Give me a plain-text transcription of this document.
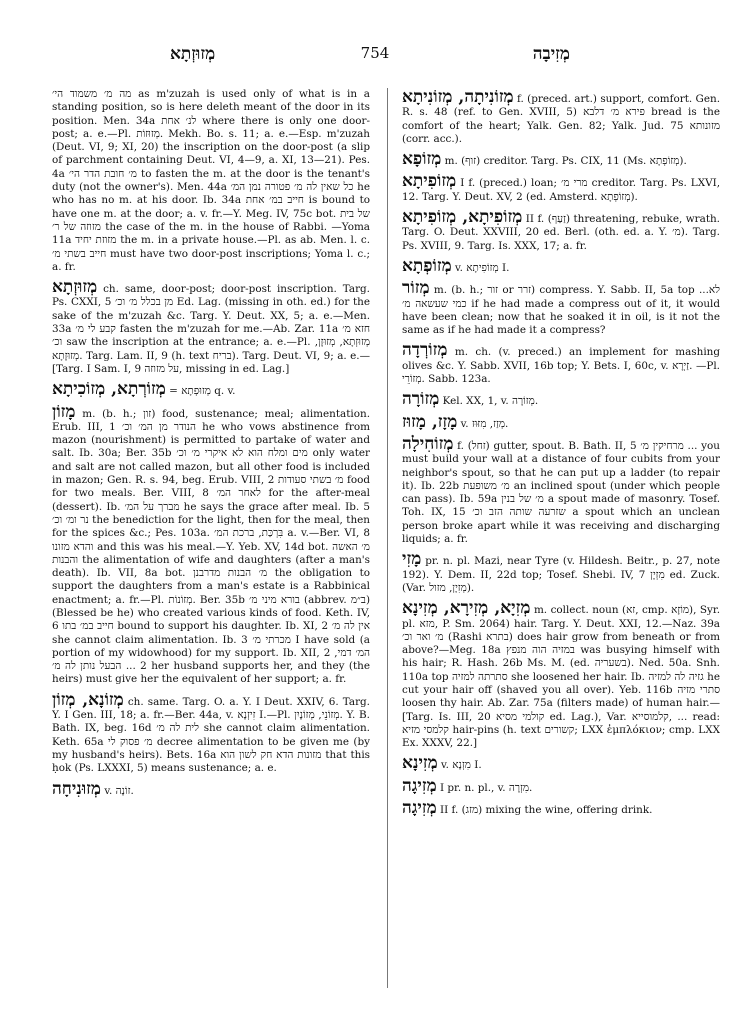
מְזוּזְתָא	754	מְזִיבָה

מה מ׳ משמוד הי׳ as m'zuzah is used only of what is in a standing position, so is here deleth meant of the door in its position. Men. 34a לנ׳ אחת where there is only one door-post; a. e.—Pl. מְזוּזוֹת. Mekh. Bo. s. 11; a. e.—Esp. m'zuzah (Deut. VI, 9; XI, 20) the inscription on the door-post (a slip of parchment containing Deut. VI, 4—9, a. XI, 13—21). Pes. 4a מ׳ חובת הדר הי׳ to fasten the m. at the door is the tenant's duty (not the owner's). Men. 44a כל שאין לה מ׳ פטורה נמן המ׳ he who has no m. at his door. Ib. 34a חייב במ׳ אחת is bound to have one m. at the door; a. v. fr.—Y. Meg. IV, 75c bot. של בית מזוזה של ר׳ the case of the m. in the house of Rabbi. —Yoma 11a מזוזת יחיד the m. in a private house.—Pl. as ab. Men. l. c. חייב בשתי מ׳ must have two door-post inscriptions; Yoma l. c.; a. fr.

מְזוּזְתָא ch. same, door-post; door-post inscription. Targ. Ps. CXXI, 5 מן בכלל מ׳ וכ׳ Ed. Lag. (missing in oth. ed.) for the sake of the m'zuzah &c. Targ. Y. Deut. XX, 5; a. e.—Men. 33a קבע לי מ׳ fasten the m'zuzah for me.—Ab. Zar. 11a חזא מ׳ וכ׳ saw the inscription at the entrance; a. e.—Pl. מְזוּזְתָא, מְזוּזָן, מְזוּזָתָא. Targ. Lam. II, 9 (h. text בריח). Targ. Deut. VI, 9; a. e.—[Targ. I Sam. I, 9 על מזוזה, missing in ed. Lag.]

מְזוֹרְתָא, מְזוֹכִיתָא = מְזוּפְתָא q. v.

מָזוֹן m. (b. h.; זון) food, sustenance; meal; alimentation. Erub. III, 1 הנודר מן המ׳ וכ׳ he who vows abstinence from mazon (nourishment) is permitted to partake of water and salt. Ib. 30a; Ber. 35b מים ומלח הוא לא איקרי מ׳ וכ׳ only water and salt are not called mazon, but all other food is included in mazon; Gen. R. s. 94, beg. Erub. VIII, 2 מ׳ בשתי סעודות food for two meals. Ber. VIII, 8 לאחר המ׳ for the after-meal (dessert). Ib. מברך על המ׳ he says the grace after meal. Ib. 5 נר ומ׳ וכ׳ the benediction for the light, then for the meal, then for the spices &c.; Pes. 103a. בִּרְכַּת, ברכת המ׳ a. v.—Ber. VI, 8 והדא מזונו and this was his meal.—Y. Yeb. XV, 14d bot. מ׳ האשה והבנות the alimentation of wife and daughters (after a man's death). Ib. VII, 8a bot. מ׳ הבנות מדרבנן the obligation to support the daughters from a man's estate is a Rabbinical enactment; a. fr.—Pl. מְזוֹנוֹת. Ber. 35b בורא מיני מ׳ (abbrev. ב״מ) (Blessed be he) who created various kinds of food. Keth. IV, 6 חייב במ׳ בתו bound to support his daughter. Ib. XI, 2 אין לה מ׳ she cannot claim alimentation. Ib. 3 מכרתי מ׳ I have sold (a portion of my widowhood) for my support. Ib. XII, 2 המ׳ דמי, 2 ... הבעל נותן לה מ׳ her husband supports her, and they (the heirs) must give her the equivalent of her support; a. fr.

מְזוֹנָא, מְזוֹן ch. same. Targ. O. a. Y. I Deut. XXIV, 6. Targ. Y. I Gen. III, 18; a. fr.—Ber. 44a, v. זִיזְנָא I.—Pl. מְזוֹנֵי, מְזוֹנָיִן. Y. B. Bath. IX, beg. 16d לית לה מ׳ she cannot claim alimentation. Keth. 65a מ׳ פסוק לי decree alimentation to be given me (by my husband's heirs). Bets. 16a מזונות הדא חק לשון הוא that this ḥok (Ps. LXXXI, 5) means sustenance; a. e.

מְזוּנִיחָה v. זוֹנָה.

מְזוֹנִיתָה, מְזוֹנִיתָא f. (preced. art.) support, comfort. Gen. R. s. 48 (ref. to Gen. XVIII, 5) פירא מ׳ דלבא bread is the comfort of the heart; Yalk. Gen. 82; Yalk. Jud. 75 מזונותא (corr. acc.).

מְזוֹפָא m. (זוף) creditor. Targ. Ps. CIX, 11 (Ms. מְזוֹפְתָא).

מְזוֹפִיתָא I f. (preced.) loan; מרי מ׳ creditor. Targ. Ps. LXVI, 12. Targ. Y. Deut. XV, 2 (ed. Amsterd. מְזוֹפְתָא).

מְזוֹפִיתָא, מְזוֹפִיתָא II f. (זַעַף) threatening, rebuke, wrath. Targ. O. Deut. XXVIII, 20 ed. Berl. (oth. ed. a. Y. מ׳). Targ. Ps. XVIII, 9. Targ. Is. XXX, 17; a. fr.

מְזוֹפְתָא v. מְזוֹפִיתָא I.

מְזוֹר m. (b. h.; זור or זרר) compress. Y. Sabb. II, 5a top ...לא כמי שעשאה מ׳ if he had made a compress out of it, it would have been clean; now that he soaked it in oil, is it not the same as if he had made it a compress?

מְזוֹרְדָה m. ch. (v. preced.) an implement for mashing olives &c. Y. Sabb. XVII, 16b top; Y. Bets. I, 60c, v. זַיְרָא. —Pl. מְזוֹרֵי. Sabb. 123a.

מְזוֹרָה Kel. XX, 1, v. מְזוֹרָה.

מָזָז, מָזוּז v. מְזַז, מִזּוּז.

מְזוֹחִילָה f. (זחל) gutter, spout. B. Bath. II, 5 מרחיקין מ׳ ... you must build your wall at a distance of four cubits from your neighbor's spout, so that he can put up a ladder (to repair it). Ib. 22b מ׳ משופעת an inclined spout (under which people can pass). Ib. 59a מ׳ של בנין a spout made of masonry. Tosef. Toh. IX, 15 שזרעה שותה הזב וכ׳ a spout which an unclean person broke apart while it was receiving and discharging liquids; a. fr.

מָזִי pr. n. pl. Mazi, near Tyre (v. Hildesh. Beitr., p. 27, note 192). Y. Dem. II, 22d top; Tosef. Shebi. IV, 7 מִזְיָן ed. Zuck. (Var. מְזִיָן, מזול).

מְזִיָא, מְזִירָא, מְזִינָא m. collect. noun (זא, cmp. מוֹזָא), Syr. pl. מזא, P. Sm. 2064) hair. Targ. Y. Deut. XXI, 12.—Naz. 39a מ׳ ואר וכ׳ (Rashi בתרא) does hair grow from beneath or from above?—Meg. 18a במזיה הוה מנפץ was busying himself with his hair; R. Hash. 26b Ms. M. (ed. בשעריה). Ned. 50a. Snh. 110a top סתרתה למזיה she loosened her hair. Ib. גזיה לה למזיה he cut your hair off (shaved you all over). Yeb. 116b סתרי מזיה loosen thy hair. Ab. Zar. 75a (filters made) of human hair.—[Targ. Is. III, 20 קולמי מסיא ed. Lag.), Var. קלמוסייא, ... read: קלמסי מזיא hair-pins (h. text קשורים; LXX ἐμπλόκιον; cmp. LXX Ex. XXXV, 22.]

מְזִינָא v. מִזְנָא I.

מְזִיגָה I pr. n. pl., v. מִזְרָה.

מְזִיגָה II f. (מזג) mixing the wine, offering drink.
